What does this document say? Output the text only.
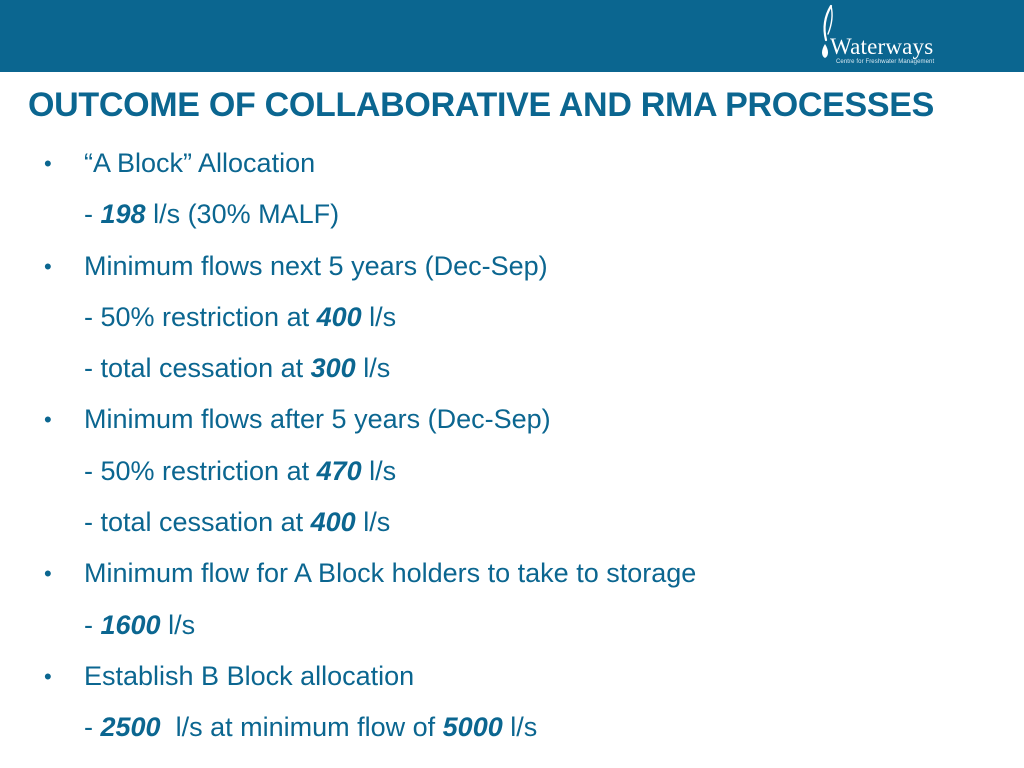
Waterways
Centre for Freshwater Management
OUTCOME OF COLLABORATIVE AND RMA PROCESSES
• “A Block” Allocation
- 198 l/s (30% MALF)
• Minimum flows next 5 years (Dec-Sep)
- 50% restriction at 400 l/s
- total cessation at 300 l/s
• Minimum flows after 5 years (Dec-Sep)
- 50% restriction at 470 l/s
- total cessation at 400 l/s
• Minimum flow for A Block holders to take to storage
- 1600 l/s
• Establish B Block allocation
- 2500  l/s at minimum flow of 5000 l/s
